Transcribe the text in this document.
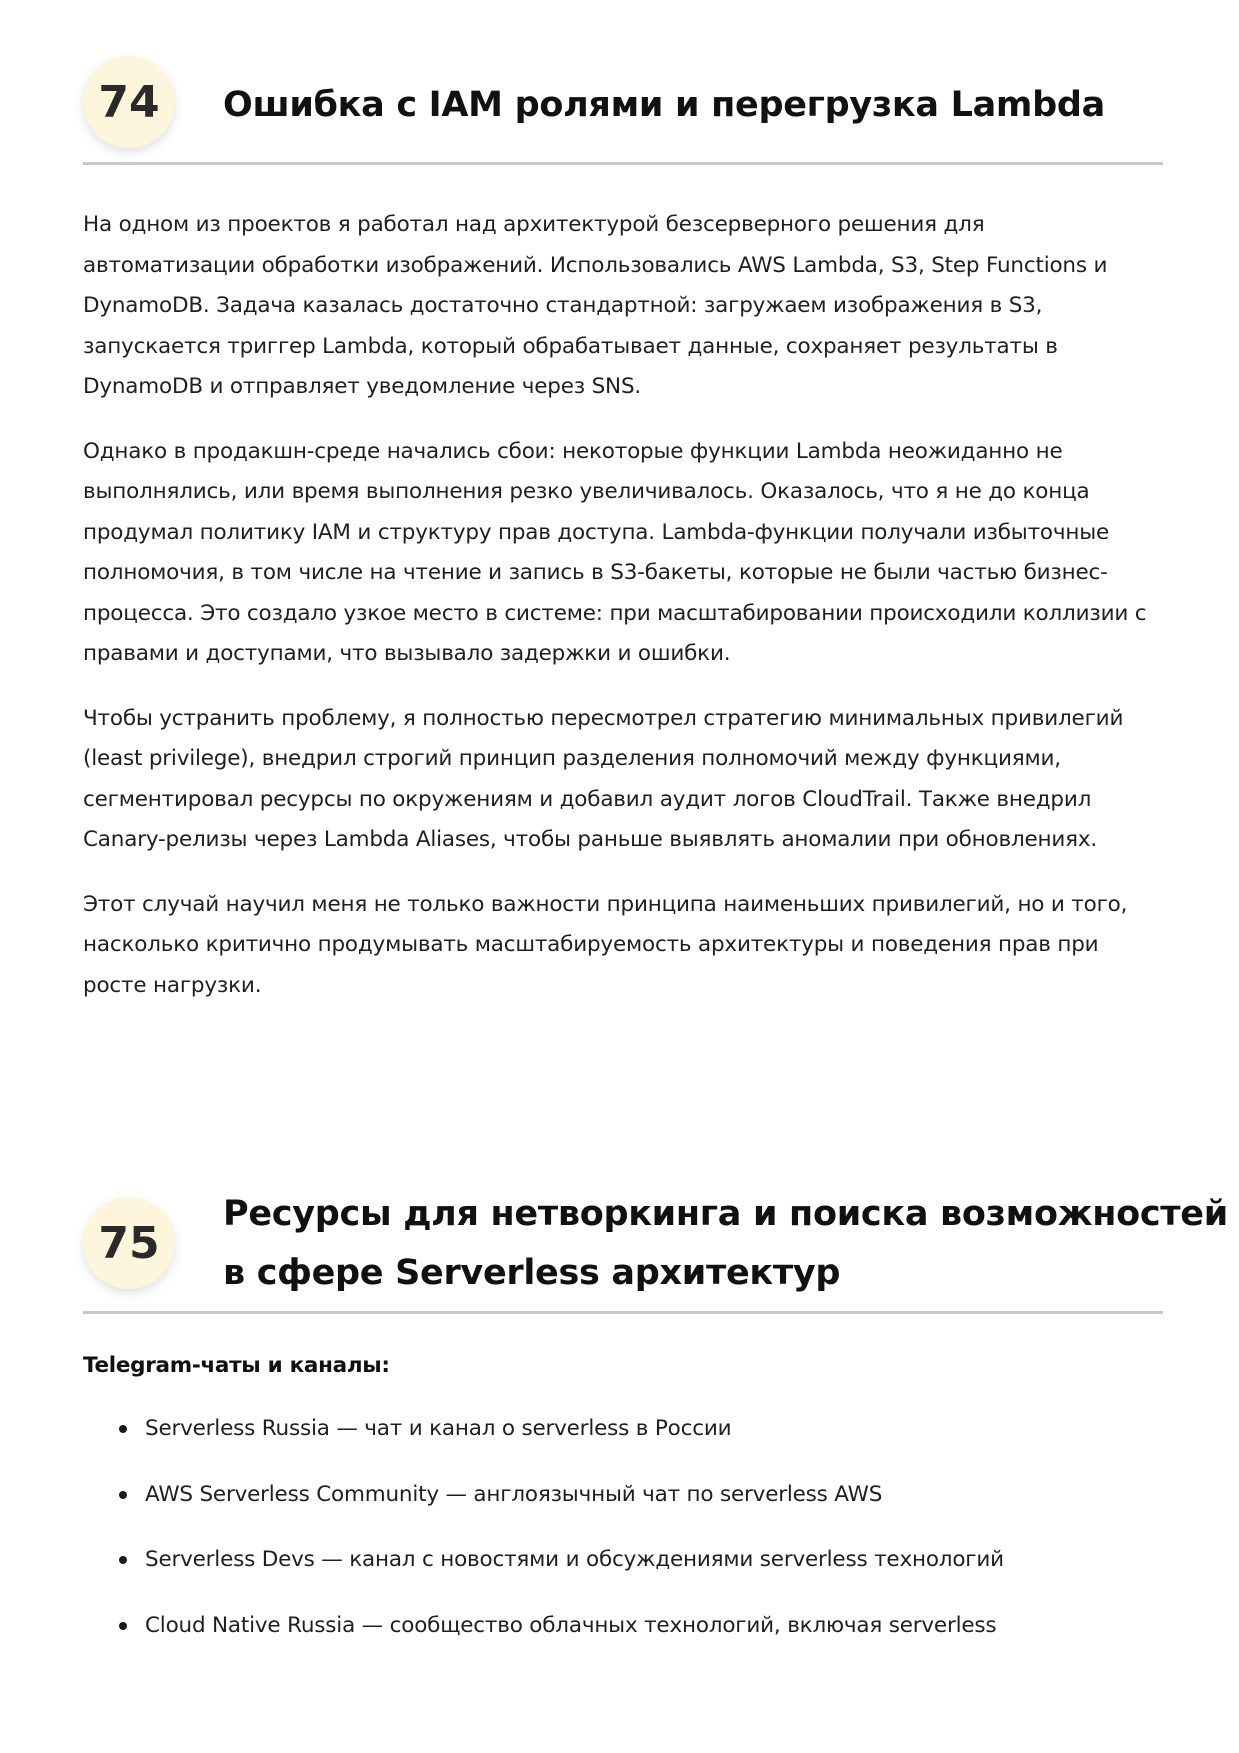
74	Ошибка с IAM ролями и перегрузка Lambda

На одном из проектов я работал над архитектурой безсерверного решения для автоматизации обработки изображений. Использовались AWS Lambda, S3, Step Functions и DynamoDB. Задача казалась достаточно стандартной: загружаем изображения в S3, запускается триггер Lambda, который обрабатывает данные, сохраняет результаты в DynamoDB и отправляет уведомление через SNS.

Однако в продакшн-среде начались сбои: некоторые функции Lambda неожиданно не выполнялись, или время выполнения резко увеличивалось. Оказалось, что я не до конца продумал политику IAM и структуру прав доступа. Lambda-функции получали избыточные полномочия, в том числе на чтение и запись в S3-бакеты, которые не были частью бизнес-процесса. Это создало узкое место в системе: при масштабировании происходили коллизии с правами и доступами, что вызывало задержки и ошибки.

Чтобы устранить проблему, я полностью пересмотрел стратегию минимальных привилегий (least privilege), внедрил строгий принцип разделения полномочий между функциями, сегментировал ресурсы по окружениям и добавил аудит логов CloudTrail. Также внедрил Canary-релизы через Lambda Aliases, чтобы раньше выявлять аномалии при обновлениях.

Этот случай научил меня не только важности принципа наименьших привилегий, но и того, насколько критично продумывать масштабируемость архитектуры и поведения прав при росте нагрузки.

75
Ресурсы для нетворкинга и поиска возможностей
в сфере Serverless архитектур

Telegram-чаты и каналы:

Serverless Russia — чат и канал о serverless в России
AWS Serverless Community — англоязычный чат по serverless AWS
Serverless Devs — канал с новостями и обсуждениями serverless технологий
Cloud Native Russia — сообщество облачных технологий, включая serverless
